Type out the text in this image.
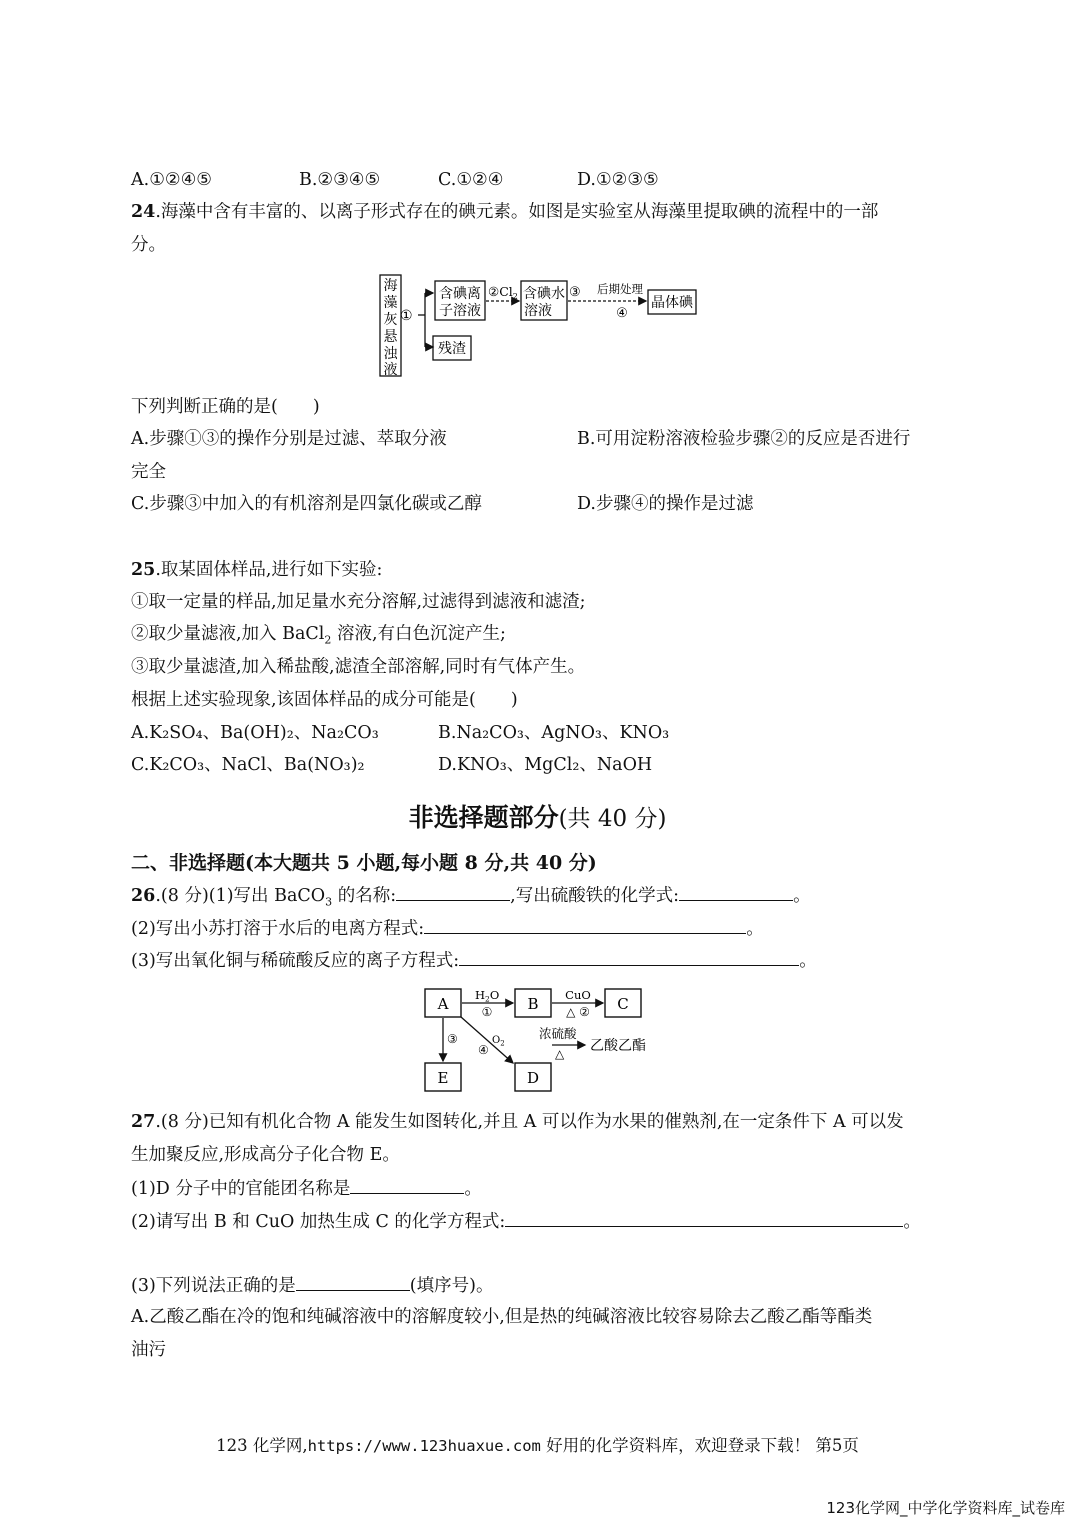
A.①②④⑤	B.②③④⑤	C.①②④	D.①②③⑤
24.海藻中含有丰富的、以离子形式存在的碘元素。如图是实验室从海藻里提取碘的流程中的一部
分。
海
藻
灰
悬
浊
液
①
含碘离
子溶液
$②Cl_2$ 含碘水
溶液
③ 后期处理
④
晶体碘
残渣
下列判断正确的是(　　)
A.步骤①③的操作分别是过滤、萃取分液	B.可用淀粉溶液检验步骤②的反应是否进行
完全
C.步骤③中加入的有机溶剂是四氯化碳或乙醇	D.步骤④的操作是过滤
25.取某固体样品,进行如下实验:
①取一定量的样品,加足量水充分溶解,过滤得到滤液和滤渣;
②取少量滤液,加入 BaCl$_2$ 溶液,有白色沉淀产生;
③取少量滤渣,加入稀盐酸,滤渣全部溶解,同时有气体产生。
根据上述实验现象,该固体样品的成分可能是(　　)
A.K₂SO₄、Ba(OH)₂、Na₂CO₃	B.Na₂CO₃、AgNO₃、KNO₃
C.K₂CO₃、NaCl、Ba(NO₃)₂	D.KNO₃、MgCl₂、NaOH
非选择题部分(共 40 分)
二、非选择题(本大题共 5 小题,每小题 8 分,共 40 分)
26.(8 分)(1)写出 BaCO$_3$ 的名称:	,写出硫酸铁的化学式:	。
(2)写出小苏打溶于水后的电离方程式:	。
(3)写出氧化铜与稀硫酸反应的离子方程式:	。
A	B	C
E	D
$H_2O$
①
CuO
△ ②
③
④
$O_2$
浓硫酸
△ 乙酸乙酯
27.(8 分)已知有机化合物 A 能发生如图转化,并且 A 可以作为水果的催熟剂,在一定条件下 A 可以发
生加聚反应,形成高分子化合物 E。
(1)D 分子中的官能团名称是	。
(2)请写出 B 和 CuO 加热生成 C 的化学方程式:	。
(3)下列说法正确的是	(填序号)。
A.乙酸乙酯在冷的饱和纯碱溶液中的溶解度较小,但是热的纯碱溶液比较容易除去乙酸乙酯等酯类
油污
123 化学网,https://www.123huaxue.com 好用的化学资料库，欢迎登录下载！ 第5页
123化学网_中学化学资料库_试卷库
